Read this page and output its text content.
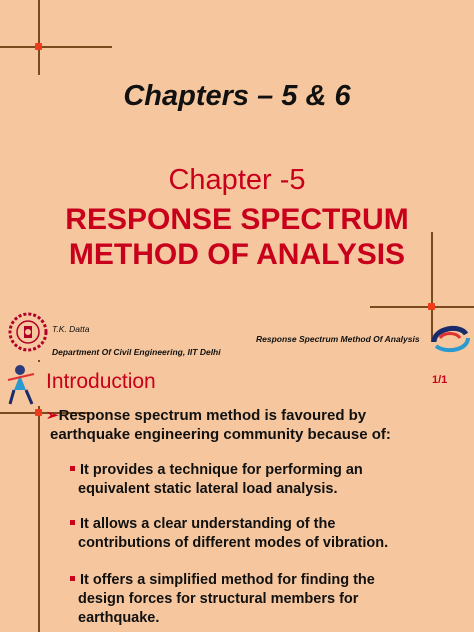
Chapters – 5 & 6
Chapter -5
RESPONSE SPECTRUM
METHOD OF ANALYSIS
T.K. Datta
Department Of Civil Engineering, IIT Delhi
Response Spectrum Method Of Analysis
Introduction	1/1
➢Response spectrum method is favoured by
earthquake engineering community because of:
It provides a technique for performing an
equivalent static lateral load analysis.
It allows a clear understanding of the
contributions of different modes of vibration.
It offers a simplified method for finding the
design forces for structural members for
earthquake.
